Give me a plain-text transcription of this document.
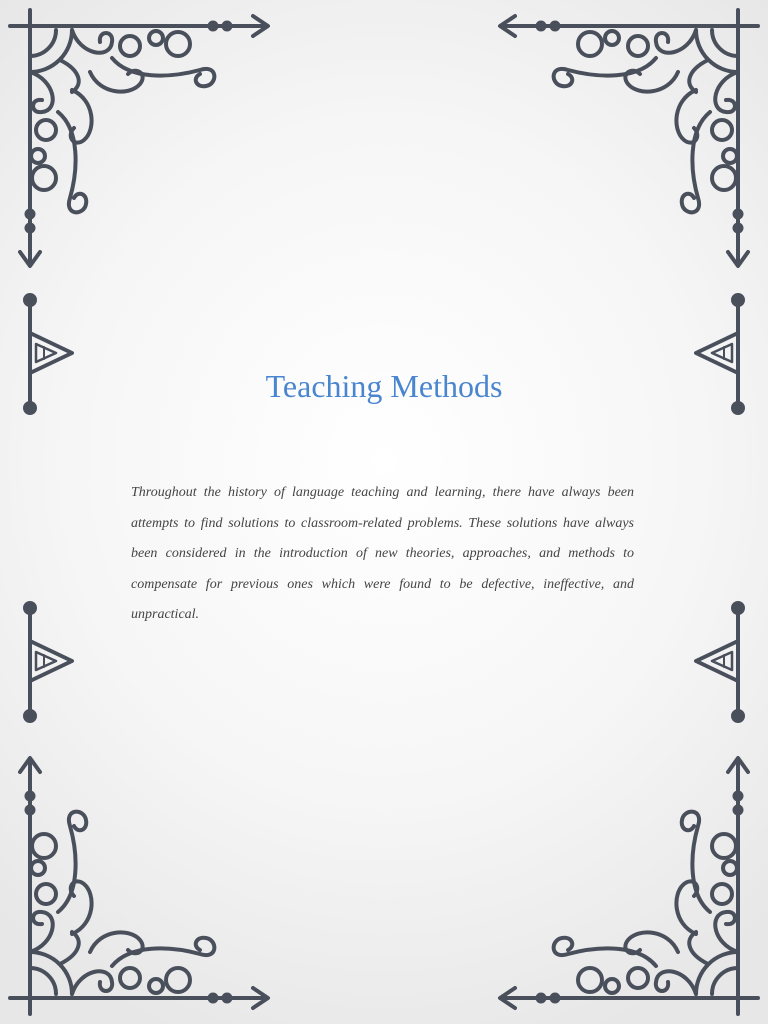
Teaching Methods

Throughout the history of language teaching and learning, there have always been attempts to find solutions to classroom-related problems. These solutions have always been considered in the introduction of new theories, approaches, and methods to compensate for previous ones which were found to be defective, ineffective, and unpractical.
